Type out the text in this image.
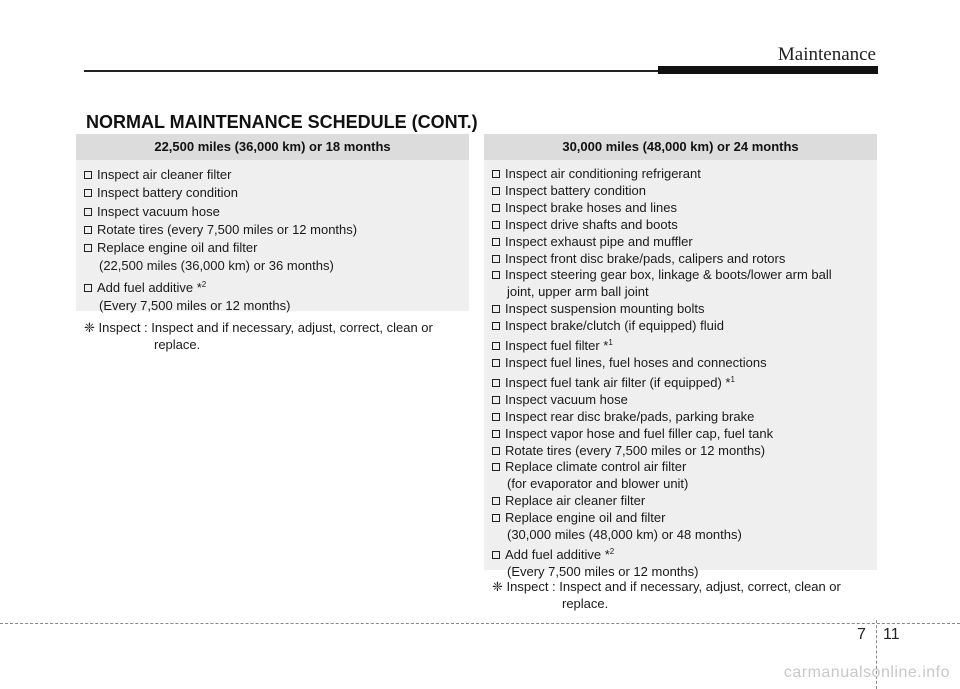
Maintenance
NORMAL MAINTENANCE SCHEDULE (CONT.)
22,500 miles (36,000 km) or 18 months
Inspect air cleaner filter
Inspect battery condition
Inspect vacuum hose
Rotate tires (every 7,500 miles or 12 months)
Replace engine oil and filter
(22,500 miles (36,000 km) or 36 months)
Add fuel additive *$^2$
(Every 7,500 miles or 12 months)
❈ Inspect : Inspect and if necessary, adjust, correct, clean or
replace.
30,000 miles (48,000 km) or 24 months
Inspect air conditioning refrigerant
Inspect battery condition
Inspect brake hoses and lines
Inspect drive shafts and boots
Inspect exhaust pipe and muffler
Inspect front disc brake/pads, calipers and rotors
Inspect steering gear box, linkage & boots/lower arm ball
joint, upper arm ball joint
Inspect suspension mounting bolts
Inspect brake/clutch (if equipped) fluid
Inspect fuel filter *$^1$
Inspect fuel lines, fuel hoses and connections
Inspect fuel tank air filter (if equipped) *$^1$
Inspect vacuum hose
Inspect rear disc brake/pads, parking brake
Inspect vapor hose and fuel filler cap, fuel tank
Rotate tires (every 7,500 miles or 12 months)
Replace climate control air filter
(for evaporator and blower unit)
Replace air cleaner filter
Replace engine oil and filter
(30,000 miles (48,000 km) or 48 months)
Add fuel additive *$^2$
(Every 7,500 miles or 12 months)
❈ Inspect : Inspect and if necessary, adjust, correct, clean or
replace.
7 11
carmanualsonline.info
